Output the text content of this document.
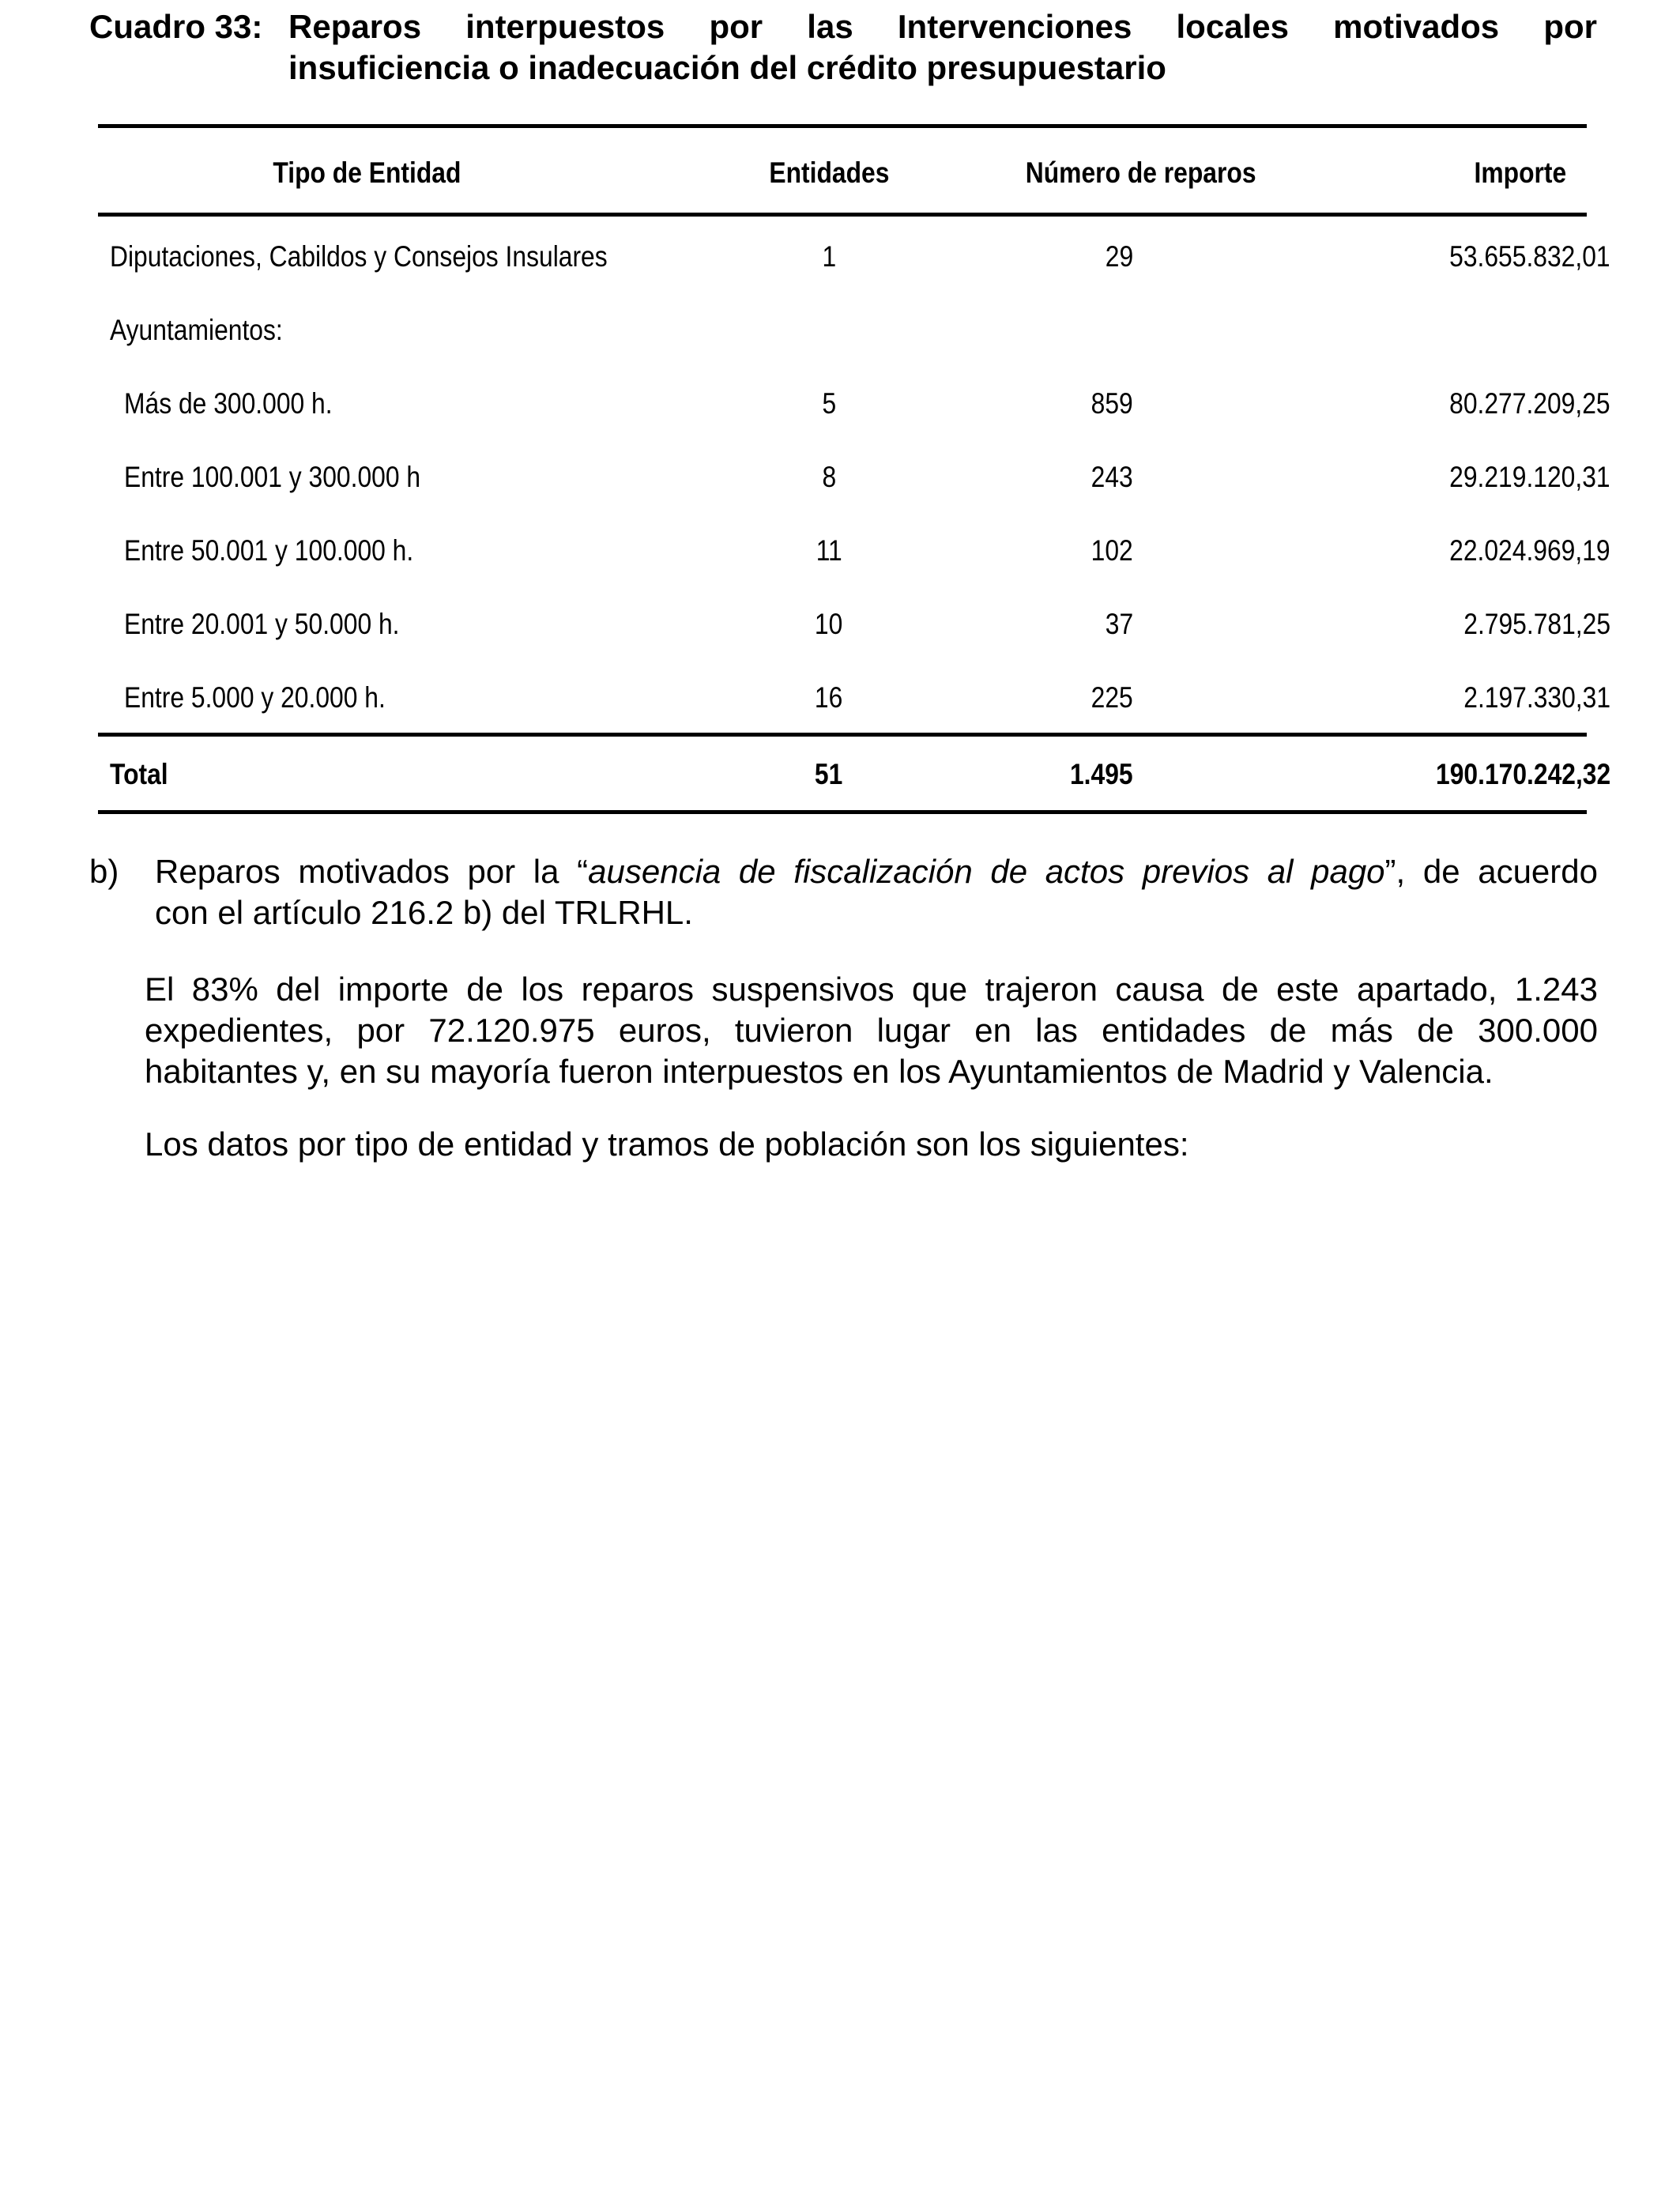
Cuadro 33: Reparos interpuestos por las Intervenciones locales motivados por
insuficiencia o inadecuación del crédito presupuestario
Tipo de Entidad	Entidades	Número de reparos	Importe
Diputaciones, Cabildos y Consejos Insulares	1	29	53.655.832,01
Ayuntamientos:
Más de 300.000 h.	5	859	80.277.209,25
Entre 100.001 y 300.000 h	8	243	29.219.120,31
Entre 50.001 y 100.000 h.	11	102	22.024.969,19
Entre 20.001 y 50.000 h.	10	37	2.795.781,25
Entre 5.000 y 20.000 h.	16	225	2.197.330,31
Total	51	1.495	190.170.242,32
b) Reparos motivados por la “ausencia de fiscalización de actos previos al pago”, de acuerdo
con el artículo 216.2 b) del TRLRHL.
El 83% del importe de los reparos suspensivos que trajeron causa de este apartado, 1.243
expedientes, por 72.120.975 euros, tuvieron lugar en las entidades de más de 300.000
habitantes y, en su mayoría fueron interpuestos en los Ayuntamientos de Madrid y Valencia.
Los datos por tipo de entidad y tramos de población son los siguientes:
